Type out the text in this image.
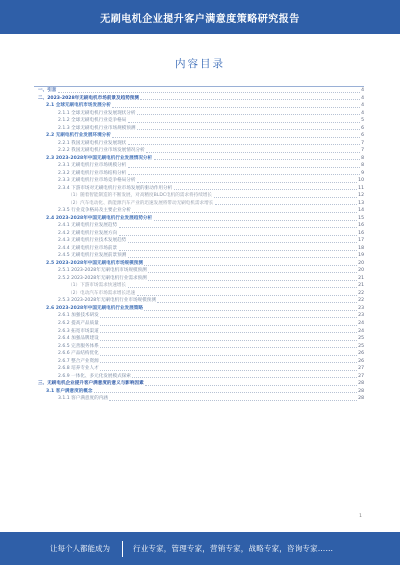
无刷电机企业提升客户满意度策略研究报告
内容目录
一、引言	4
二、2023-2028年无刷电机市场前景及趋势预测	4
2.1 全球无刷电机市场发展分析	4
2.1.1 全球无刷电机行业发展现状分析	4
2.1.2 全球无刷电机行业竞争格局	5
2.1.3 全球无刷电机行业市场规模预测	6
2.2 无刷电机行业发展环境分析	6
2.2.1 我国无刷电机行业发展现状	7
2.2.2 我国无刷电机行业市场发展情况分析	7
2.3 2023-2028年中国无刷电机行业发展情况分析	8
2.3.1 无刷电机行业市场规模分析	8
2.3.2 无刷电机行业市场结构分析	9
2.3.3 无刷电机行业市场竞争格局分析	10
2.3.4 下游市场对无刷电机行业市场发展的驱动作用分析	11
（1）随着智能制造的不断发展，对高精度BLDC电机的需求将持续增长	12
（2）汽车电动化、新能源汽车产业的迅速发展将带动无刷电机需求增长	13
2.3.5 行业竞争格局及主要企业分析	14
2.4 2023-2028年中国无刷电机行业发展趋势分析	15
2.4.1 无刷电机行业发展趋势	16
2.4.2 无刷电机行业发展方向	16
2.4.3 无刷电机行业技术发展趋势	17
2.4.4 无刷电机行业市场前景	18
2.4.5 无刷电机行业发展前景预测	19
2.5 2023-2028年中国无刷电机市场规模预测	20
2.5.1 2023-2028年无刷电机市场规模预测	20
2.5.2 2023-2028年无刷电机行业需求预测	21
（1）下游市场需求快速增长	21
（2）电动汽车市场需求增长迅速	22
2.5.3 2023-2028年无刷电机行业市场规模预测	22
2.6 2023-2028年中国无刷电机行业发展策略	23
2.6.1 加强技术研发	23
2.6.2 提高产品质量	24
2.6.3 拓宽市场渠道	24
2.6.4 加强品牌建设	25
2.6.5 完善服务体系	25
2.6.6 产品结构优化	26
2.6.7 整合产业资源	26
2.6.8 培养专业人才	27
2.6.9 一体化、多元化发展模式探索	27
三、无刷电机企业提升客户满意度的意义与影响因素	28
3.1 客户满意度的概念	28
3.1.1 客户满意度的内涵	28
1
让每个人都能成为	行业专家，管理专家，营销专家，战略专家，咨询专家……
